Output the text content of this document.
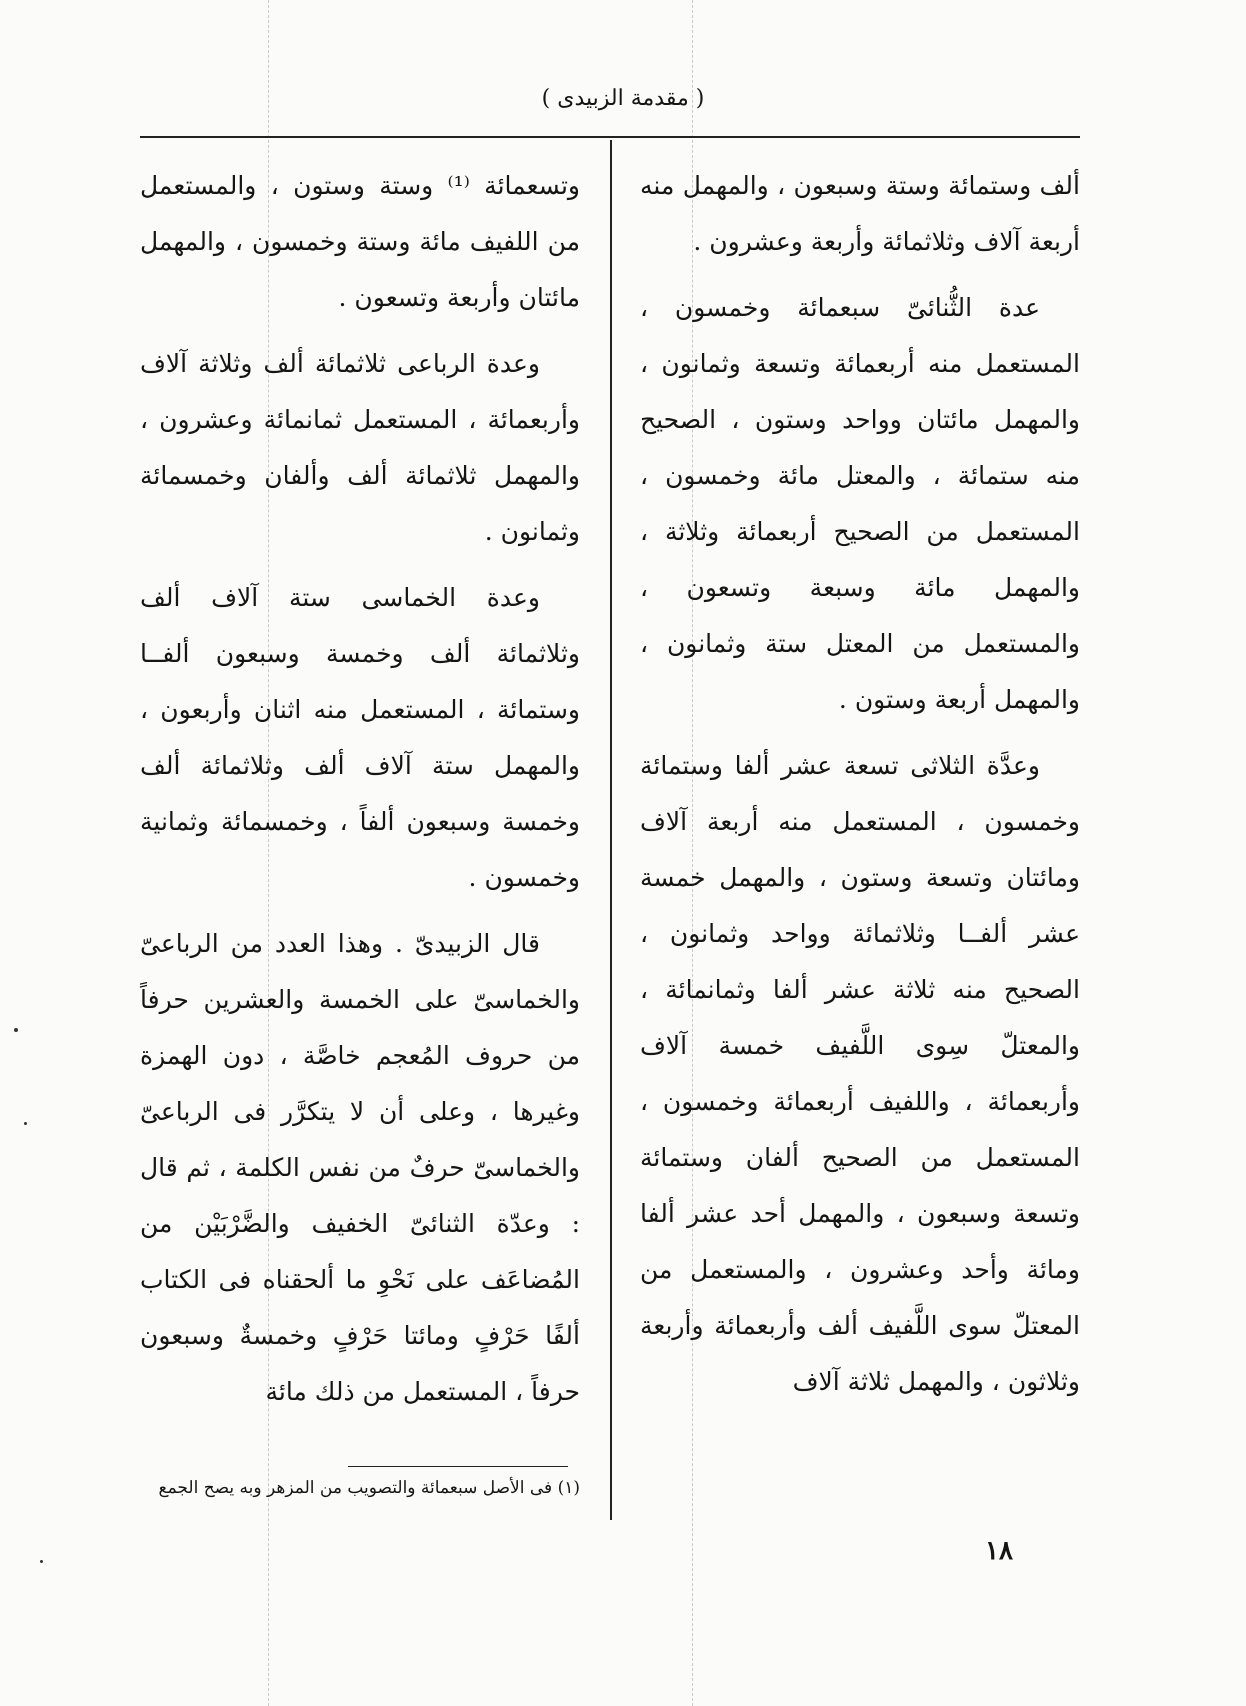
( مقدمة الزبيدى )

ألف وستمائة وستة وسبعون ، والمهمل منه أربعة آلاف وثلاثمائة وأربعة وعشرون .

عدة الثُّنائىّ سبعمائة وخمسون ، المستعمل منه أربعمائة وتسعة وثمانون ، والمهمل مائتان وواحد وستون ، الصحيح منه ستمائة ، والمعتل مائة وخمسون ، المستعمل من الصحيح أربعمائة وثلاثة ، والمهمل مائة وسبعة وتسعون ، والمستعمل من المعتل ستة وثمانون ، والمهمل أربعة وستون .

وعدَّة الثلاثى تسعة عشر ألفا وستمائة وخمسون ، المستعمل منه أربعة آلاف ومائتان وتسعة وستون ، والمهمل خمسة عشر ألفــا وثلاثمائة وواحد وثمانون ، الصحيح منه ثلاثة عشر ألفا وثمانمائة ، والمعتلّ سِوى اللَّفيف خمسة آلاف وأربعمائة ، واللفيف أربعمائة وخمسون ، المستعمل من الصحيح ألفان وستمائة وتسعة وسبعون ، والمهمل أحد عشر ألفا ومائة وأحد وعشرون ، والمستعمل من المعتلّ سوى اللَّفيف ألف وأربعمائة وأربعة وثلاثون ، والمهمل ثلاثة آلاف

وتسعمائة ⁽¹⁾ وستة وستون ، والمستعمل من اللفيف مائة وستة وخمسون ، والمهمل مائتان وأربعة وتسعون .

وعدة الرباعى ثلاثمائة ألف وثلاثة آلاف وأربعمائة ، المستعمل ثمانمائة وعشرون ، والمهمل ثلاثمائة ألف وألفان وخمسمائة وثمانون .

وعدة الخماسى ستة آلاف ألف وثلاثمائة ألف وخمسة وسبعون ألفــا وستمائة ، المستعمل منه اثنان وأربعون ، والمهمل ستة آلاف ألف وثلاثمائة ألف وخمسة وسبعون ألفاً ، وخمسمائة وثمانية وخمسون .

قال الزبيدىّ . وهذا العدد من الرباعىّ والخماسىّ على الخمسة والعشرين حرفاً من حروف المُعجم خاصَّة ، دون الهمزة وغيرها ، وعلى أن لا يتكرَّر فى الرباعىّ والخماسىّ حرفٌ من نفس الكلمة ، ثم قال : وعدّة الثنائىّ الخفيف والضَّرْبَيْن من المُضاعَف على نَحْوِ ما ألحقناه فى الكتاب ألفًا حَرْفٍ ومائتا حَرْفٍ وخمسةٌ وسبعون حرفاً ، المستعمل من ذلك مائة

(١) فى الأصل سبعمائة والتصويب من المزهر وبه يصح الجمع
١٨
